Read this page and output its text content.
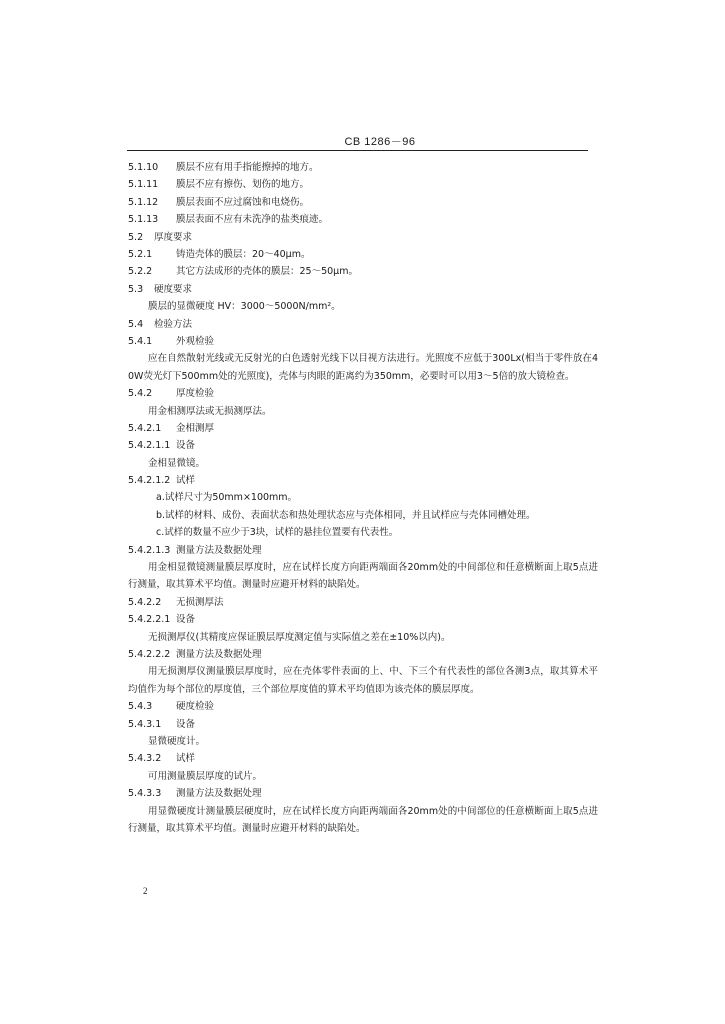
CB 1286－96
5.1.10 膜层不应有用手指能擦掉的地方。
5.1.11 膜层不应有擦伤、划伤的地方。
5.1.12 膜层表面不应过腐蚀和电烧伤。
5.1.13 膜层表面不应有未洗净的盐类痕迹。
5.2 厚度要求
5.2.1	铸造壳体的膜层：20～40μm。
5.2.2	其它方法成形的壳体的膜层：25～50μm。
5.3 硬度要求
膜层的显微硬度 HV：3000～5000N/mm²。
5.4 检验方法
5.4.1	外观检验

应在自然散射光线或无反射光的白色透射光线下以目视方法进行。光照度不应低于300Lx(相当于零件放在40W荧光灯下500mm处的光照度)，壳体与肉眼的距离约为350mm，必要时可以用3～5倍的放大镜检查。

5.4.2	厚度检验
用金相测厚法或无损测厚法。
5.4.2.1 金相测厚
5.4.2.1.1 设备
金相显微镜。
5.4.2.1.2 试样
a.试样尺寸为50mm×100mm。
b.试样的材料、成份、表面状态和热处理状态应与壳体相同，并且试样应与壳体同槽处理。
c.试样的数量不应少于3块，试样的悬挂位置要有代表性。
5.4.2.1.3 测量方法及数据处理

用金相显微镜测量膜层厚度时，应在试样长度方向距两端面各20mm处的中间部位和任意横断面上取5点进行测量，取其算术平均值。测量时应避开材料的缺陷处。

5.4.2.2 无损测厚法
5.4.2.2.1 设备
无损测厚仪(其精度应保证膜层厚度测定值与实际值之差在±10%以内)。
5.4.2.2.2 测量方法及数据处理

用无损测厚仪测量膜层厚度时，应在壳体零件表面的上、中、下三个有代表性的部位各测3点，取其算术平均值作为每个部位的厚度值，三个部位厚度值的算术平均值即为该壳体的膜层厚度。

5.4.3	硬度检验
5.4.3.1 设备
显微硬度计。
5.4.3.2 试样
可用测量膜层厚度的试片。
5.4.3.3 测量方法及数据处理

用显微硬度计测量膜层硬度时，应在试样长度方向距两端面各20mm处的中间部位的任意横断面上取5点进行测量，取其算术平均值。测量时应避开材料的缺陷处。

2
